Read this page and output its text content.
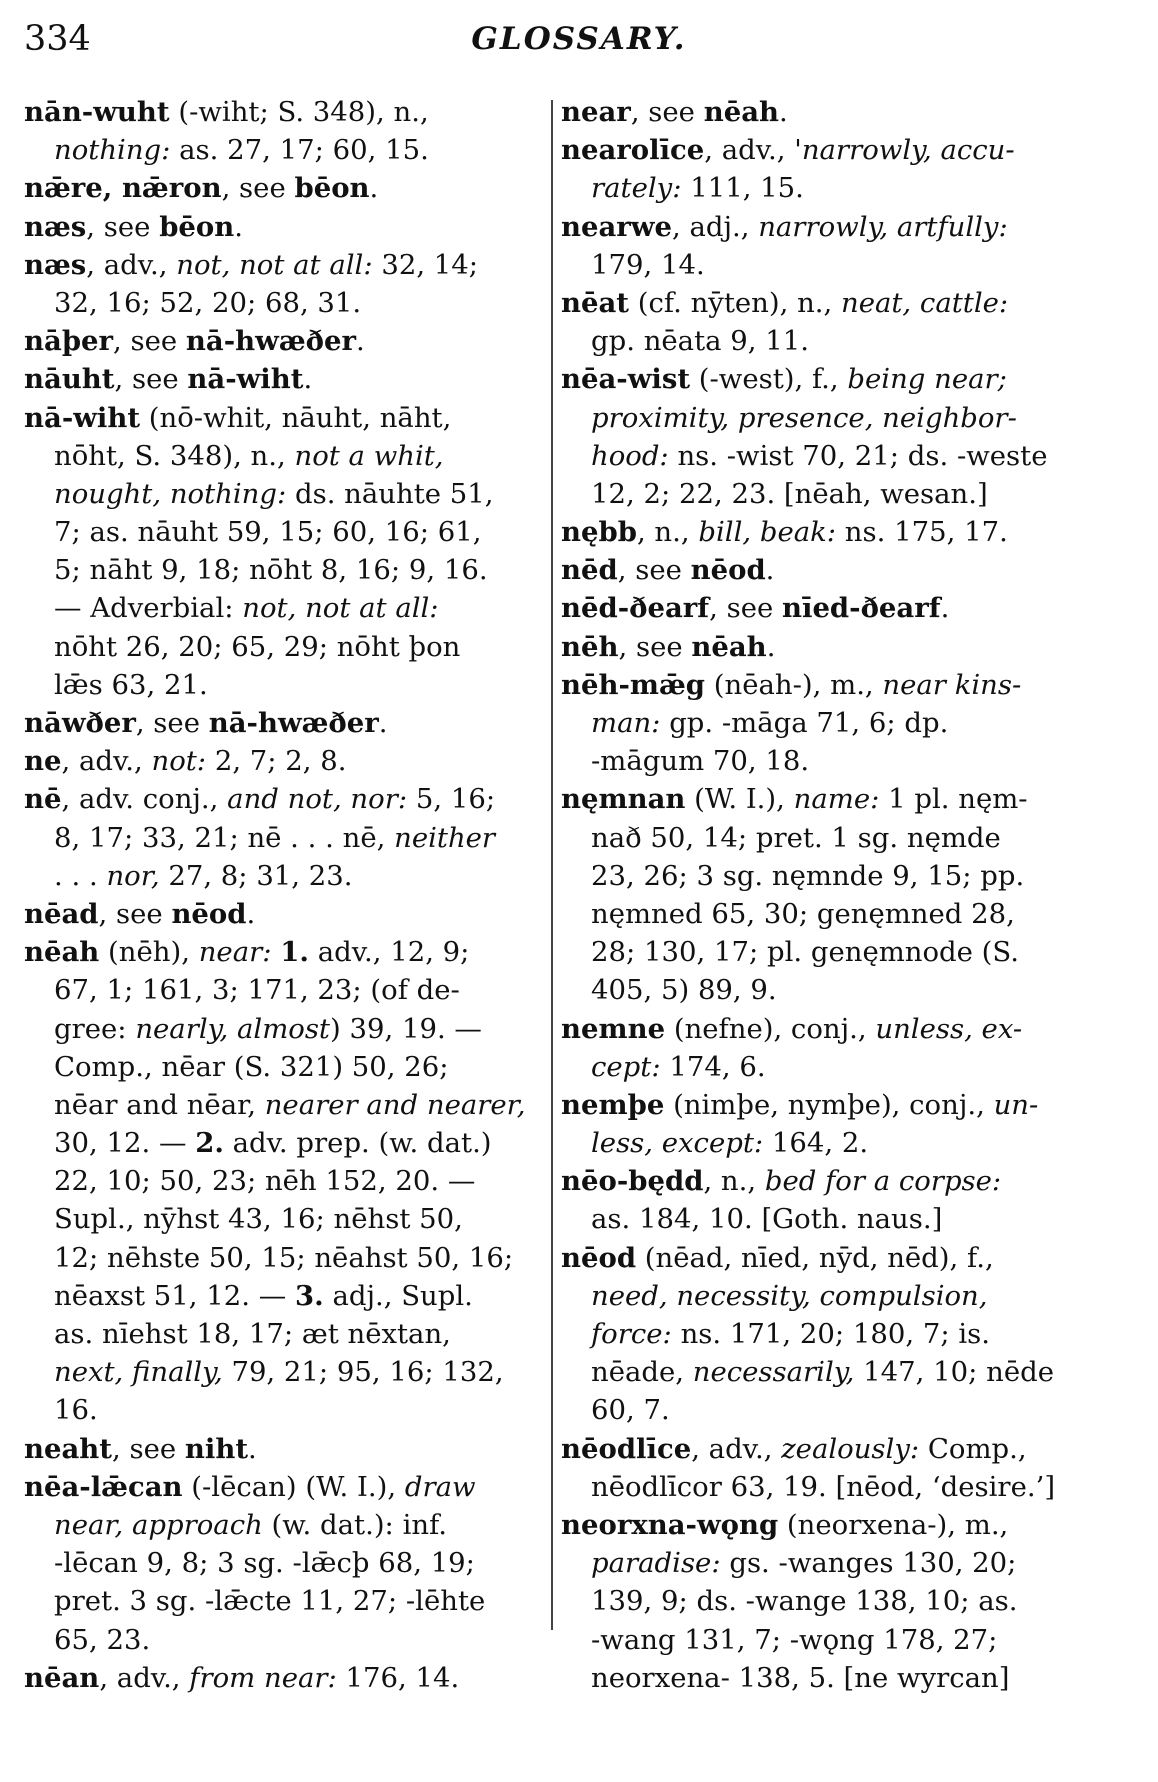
334	GLOSSARY.
nān-wuht (-wiht; S. 348), n.,
nothing: as. 27, 17; 60, 15.
nǣre, nǣron, see bēon.
næs, see bēon.
næs, adv., not, not at all: 32, 14;
32, 16; 52, 20; 68, 31.
nāþer, see nā-hwæðer.
nāuht, see nā-wiht.
nā-wiht (nō-whit, nāuht, nāht,
nōht, S. 348), n., not a whit,
nought, nothing: ds. nāuhte 51,
7; as. nāuht 59, 15; 60, 16; 61,
5; nāht 9, 18; nōht 8, 16; 9, 16.
— Adverbial: not, not at all:
nōht 26, 20; 65, 29; nōht þon
lǣs 63, 21.
nāwðer, see nā-hwæðer.
ne, adv., not: 2, 7; 2, 8.
nē, adv. conj., and not, nor: 5, 16;
8, 17; 33, 21; nē . . . nē, neither
. . . nor, 27, 8; 31, 23.
nēad, see nēod.
nēah (nēh), near: 1. adv., 12, 9;
67, 1; 161, 3; 171, 23; (of de-
gree: nearly, almost) 39, 19. —
Comp., nēar (S. 321) 50, 26;
nēar and nēar, nearer and nearer,
30, 12. — 2. adv. prep. (w. dat.)
22, 10; 50, 23; nēh 152, 20. —
Supl., nȳhst 43, 16; nēhst 50,
12; nēhste 50, 15; nēahst 50, 16;
nēaxst 51, 12. — 3. adj., Supl.
as. nīehst 18, 17; æt nēxtan,
next, finally, 79, 21; 95, 16; 132,
16.
neaht, see niht.
nēa-lǣcan (-lēcan) (W. I.), draw
near, approach (w. dat.): inf.
-lēcan 9, 8; 3 sg. -lǣcþ 68, 19;
pret. 3 sg. -lǣcte 11, 27; -lēhte
65, 23.
nēan, adv., from near: 176, 14.
near, see nēah.
nearolīce, adv., 'narrowly, accu-
rately: 111, 15.
nearwe, adj., narrowly, artfully:
179, 14.
nēat (cf. nȳten), n., neat, cattle:
gp. nēata 9, 11.
nēa-wist (-west), f., being near;
proximity, presence, neighbor-
hood: ns. -wist 70, 21; ds. -weste
12, 2; 22, 23. [nēah, wesan.]
nębb, n., bill, beak: ns. 175, 17.
nēd, see nēod.
nēd-ðearf, see nīed-ðearf.
nēh, see nēah.
nēh-mǣg (nēah-), m., near kins-
man: gp. -māga 71, 6; dp.
-māgum 70, 18.
nęmnan (W. I.), name: 1 pl. nęm-
nað 50, 14; pret. 1 sg. nęmde
23, 26; 3 sg. nęmnde 9, 15; pp.
nęmned 65, 30; genęmned 28,
28; 130, 17; pl. genęmnode (S.
405, 5) 89, 9.
nemne (nefne), conj., unless, ex-
cept: 174, 6.
nemþe (nimþe, nymþe), conj., un-
less, except: 164, 2.
nēo-będd, n., bed for a corpse:
as. 184, 10. [Goth. naus.]
nēod (nēad, nīed, nȳd, nēd), f.,
need, necessity, compulsion,
force: ns. 171, 20; 180, 7; is.
nēade, necessarily, 147, 10; nēde
60, 7.
nēodlīce, adv., zealously: Comp.,
nēodlīcor 63, 19. [nēod, ‘desire.’]
neorxna-wǫng (neorxena-), m.,
paradise: gs. -wanges 130, 20;
139, 9; ds. -wange 138, 10; as.
-wang 131, 7; -wǫng 178, 27;
neorxena- 138, 5. [ne wyrcan]
